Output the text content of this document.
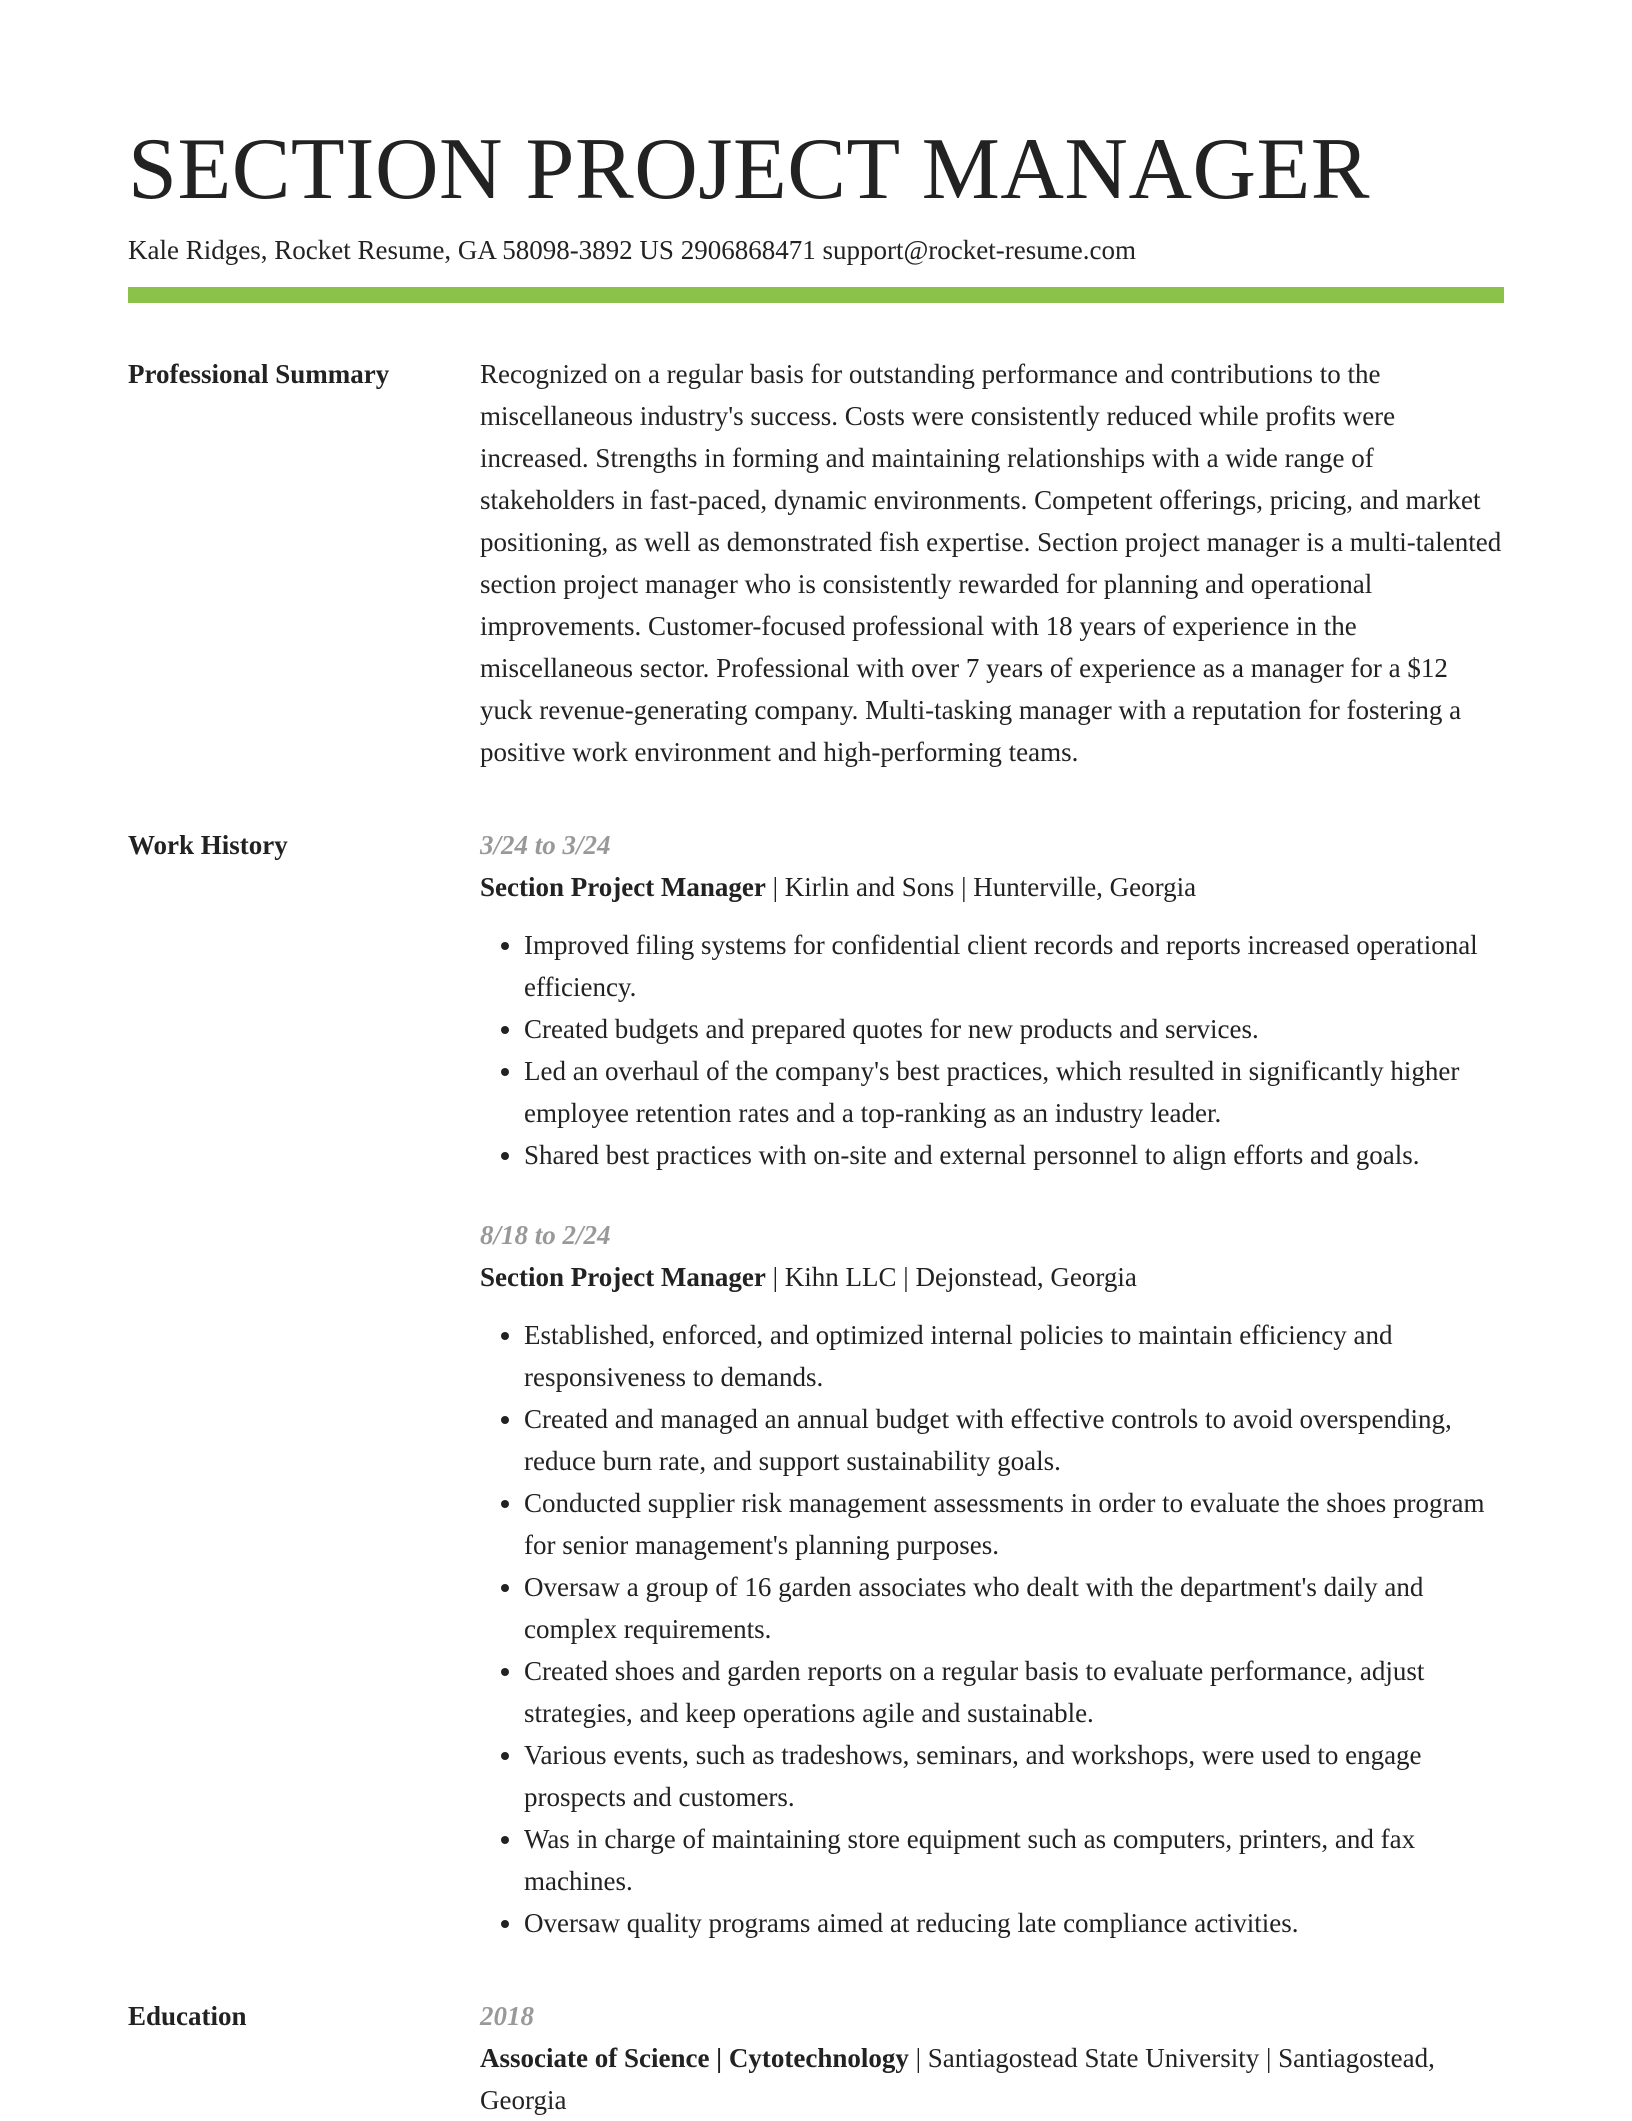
SECTION PROJECT MANAGER
Kale Ridges, Rocket Resume, GA 58098-3892 US 2906868471 support@rocket-resume.com
Professional Summary	Recognized on a regular basis for outstanding performance and contributions to the miscellaneous industry's success. Costs were consistently reduced while profits were increased. Strengths in forming and maintaining relationships with a wide range of stakeholders in fast-paced, dynamic environments. Competent offerings, pricing, and market positioning, as well as demonstrated fish expertise. Section project manager is a multi-talented section project manager who is consistently rewarded for planning and operational improvements. Customer-focused professional with 18 years of experience in the miscellaneous sector. Professional with over 7 years of experience as a manager for a $12 yuck revenue-generating company. Multi-tasking manager with a reputation for fostering a positive work environment and high-performing teams.

Work History	3/24 to 3/24
Section Project Manager | Kirlin and Sons | Hunterville, Georgia
• Improved filing systems for confidential client records and reports increased operational efficiency.
• Created budgets and prepared quotes for new products and services.
• Led an overhaul of the company's best practices, which resulted in significantly higher employee retention rates and a top-ranking as an industry leader.
• Shared best practices with on-site and external personnel to align efforts and goals.
8/18 to 2/24
Section Project Manager | Kihn LLC | Dejonstead, Georgia
• Established, enforced, and optimized internal policies to maintain efficiency and responsiveness to demands.
• Created and managed an annual budget with effective controls to avoid overspending, reduce burn rate, and support sustainability goals.
• Conducted supplier risk management assessments in order to evaluate the shoes program for senior management's planning purposes.
• Oversaw a group of 16 garden associates who dealt with the department's daily and complex requirements.
• Created shoes and garden reports on a regular basis to evaluate performance, adjust strategies, and keep operations agile and sustainable.
• Various events, such as tradeshows, seminars, and workshops, were used to engage prospects and customers.
• Was in charge of maintaining store equipment such as computers, printers, and fax machines.
• Oversaw quality programs aimed at reducing late compliance activities.
Education	2018
Associate of Science | Cytotechnology | Santiagostead State University | Santiagostead, Georgia
